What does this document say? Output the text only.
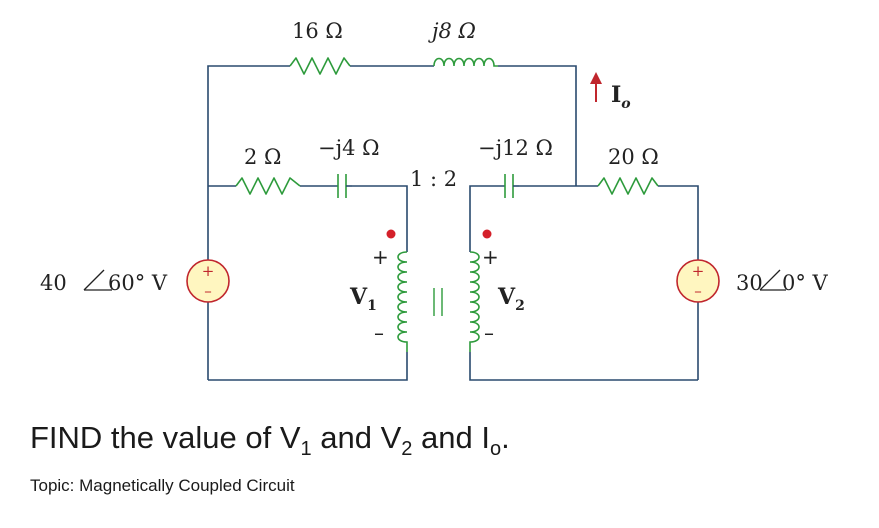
+
–
+
–
16 Ω	j8 Ω
2 Ω −j4 Ω	−j12 Ω
1 : 2
20 Ω
$I_o$
+
$V_1$
–
+
$V_2$
–
40 60° V	30 0° V
FIND the value of $V_1$ and $V_2$ and $I_o$.
Topic: Magnetically Coupled Circuit
